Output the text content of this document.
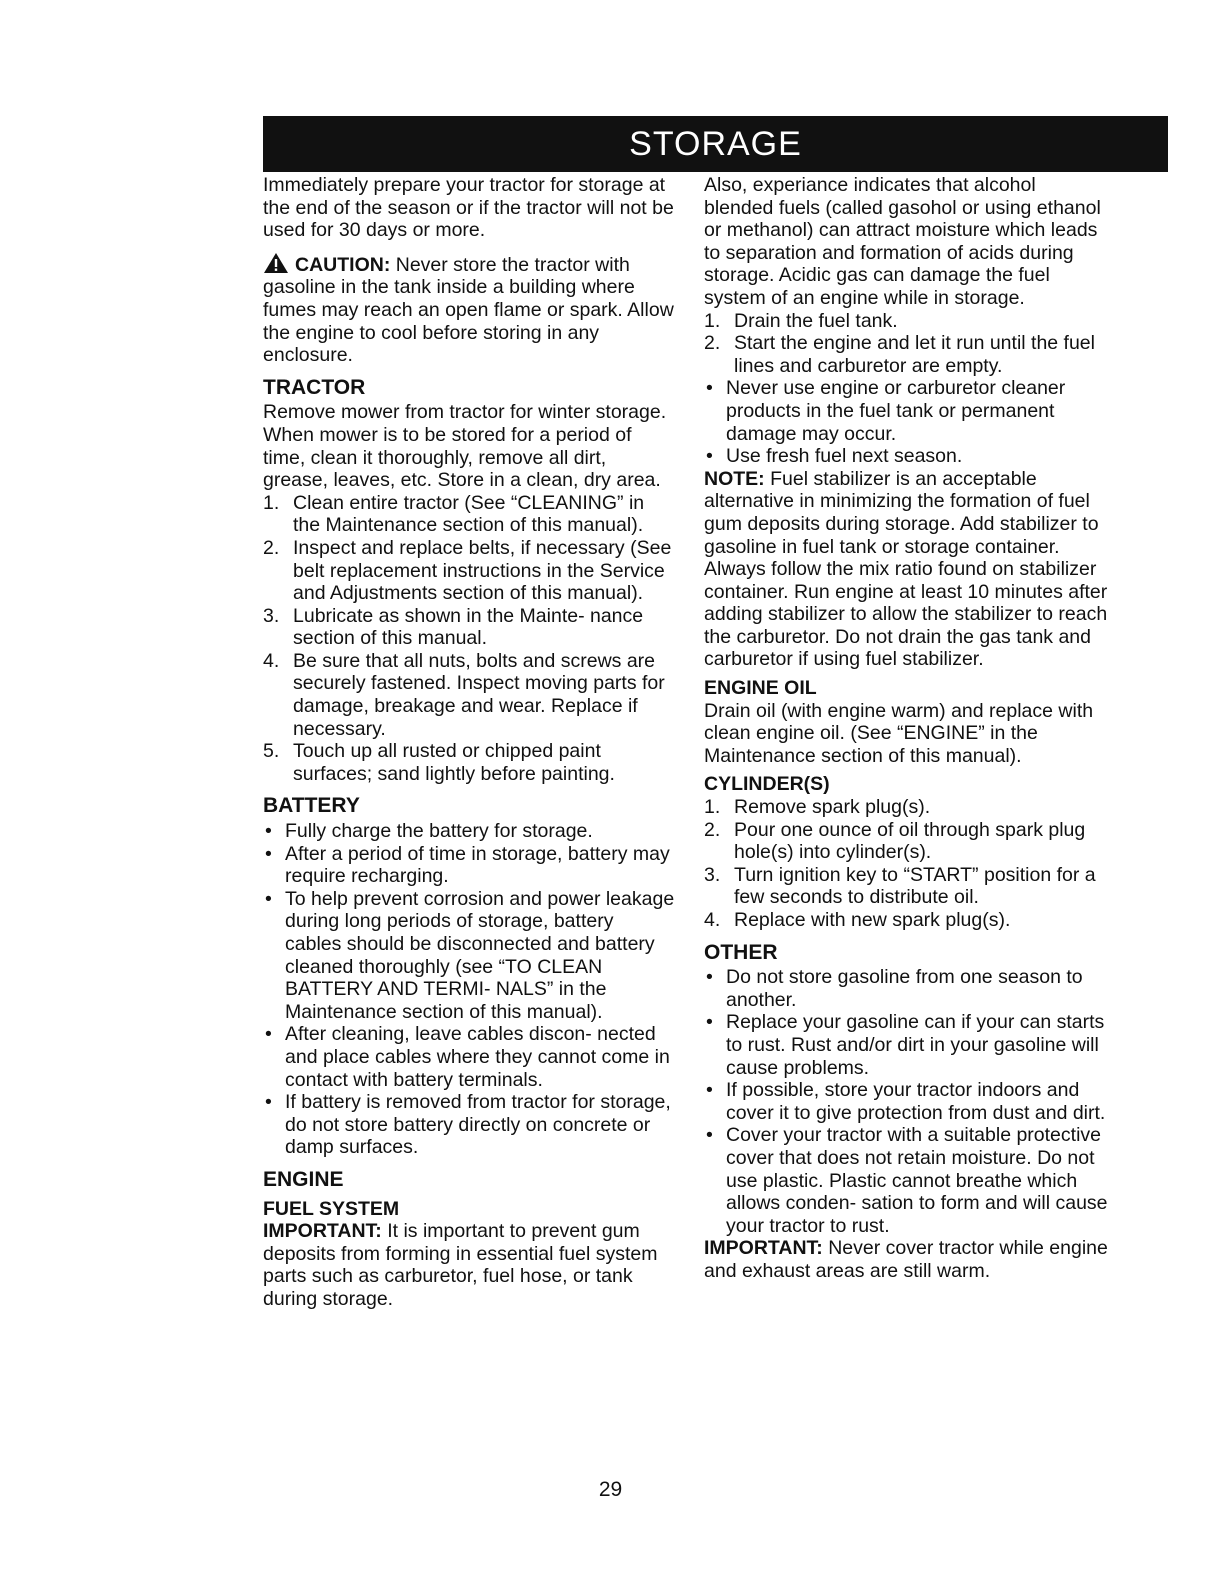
STORAGE

Immediately prepare your tractor for storage at the end of the season or if the tractor will not be used for 30 days or more.

CAUTION: Never store the tractor with gasoline in the tank inside a building where fumes may reach an open flame or spark. Allow the engine to cool before storing in any enclosure.

TRACTOR

Remove mower from tractor for winter storage. When mower is to be stored for a period of time, clean it thoroughly, remove all dirt, grease, leaves, etc. Store in a clean, dry area.

1. Clean entire tractor (See “CLEANING” in the Maintenance section of this manual).
2. Inspect and replace belts, if necessary (See belt replacement instructions in the Service and Adjustments section of this manual).
3. Lubricate as shown in the Mainte- nance section of this manual.
4. Be sure that all nuts, bolts and screws are securely fastened. Inspect moving parts for damage, breakage and wear. Replace if necessary.
5. Touch up all rusted or chipped paint surfaces; sand lightly before painting.
BATTERY
• Fully charge the battery for storage.
• After a period of time in storage, battery may require recharging.
• To help prevent corrosion and power leakage during long periods of storage, battery cables should be disconnected and battery cleaned thoroughly (see “TO CLEAN BATTERY AND TERMI- NALS” in the Maintenance section of this manual).
• After cleaning, leave cables discon- nected and place cables where they cannot come in contact with battery terminals.
• If battery is removed from tractor for storage, do not store battery directly on concrete or damp surfaces.
ENGINE
FUEL SYSTEM

IMPORTANT: It is important to prevent gum deposits from forming in essential fuel system parts such as carburetor, fuel hose, or tank during storage.

Also, experiance indicates that alcohol blended fuels (called gasohol or using ethanol or methanol) can attract moisture which leads to separation and formation of acids during storage. Acidic gas can damage the fuel system of an engine while in storage.

1. Drain the fuel tank.
2. Start the engine and let it run until the fuel lines and carburetor are empty.
• Never use engine or carburetor cleaner products in the fuel tank or permanent damage may occur.
• Use fresh fuel next season.

NOTE: Fuel stabilizer is an acceptable alternative in minimizing the formation of fuel gum deposits during storage. Add stabilizer to gasoline in fuel tank or storage container. Always follow the mix ratio found on stabilizer container. Run engine at least 10 minutes after adding stabilizer to allow the stabilizer to reach the carburetor. Do not drain the gas tank and carburetor if using fuel stabilizer.

ENGINE OIL

Drain oil (with engine warm) and replace with clean engine oil. (See “ENGINE” in the Maintenance section of this manual).

CYLINDER(S)
1. Remove spark plug(s).
2. Pour one ounce of oil through spark plug hole(s) into cylinder(s).
3. Turn ignition key to “START” position for a few seconds to distribute oil.
4. Replace with new spark plug(s).
OTHER
• Do not store gasoline from one season to another.
• Replace your gasoline can if your can starts to rust. Rust and/or dirt in your gasoline will cause problems.
• If possible, store your tractor indoors and cover it to give protection from dust and dirt.
• Cover your tractor with a suitable protective cover that does not retain moisture. Do not use plastic. Plastic cannot breathe which allows conden- sation to form and will cause your tractor to rust.

IMPORTANT: Never cover tractor while engine and exhaust areas are still warm.

29
